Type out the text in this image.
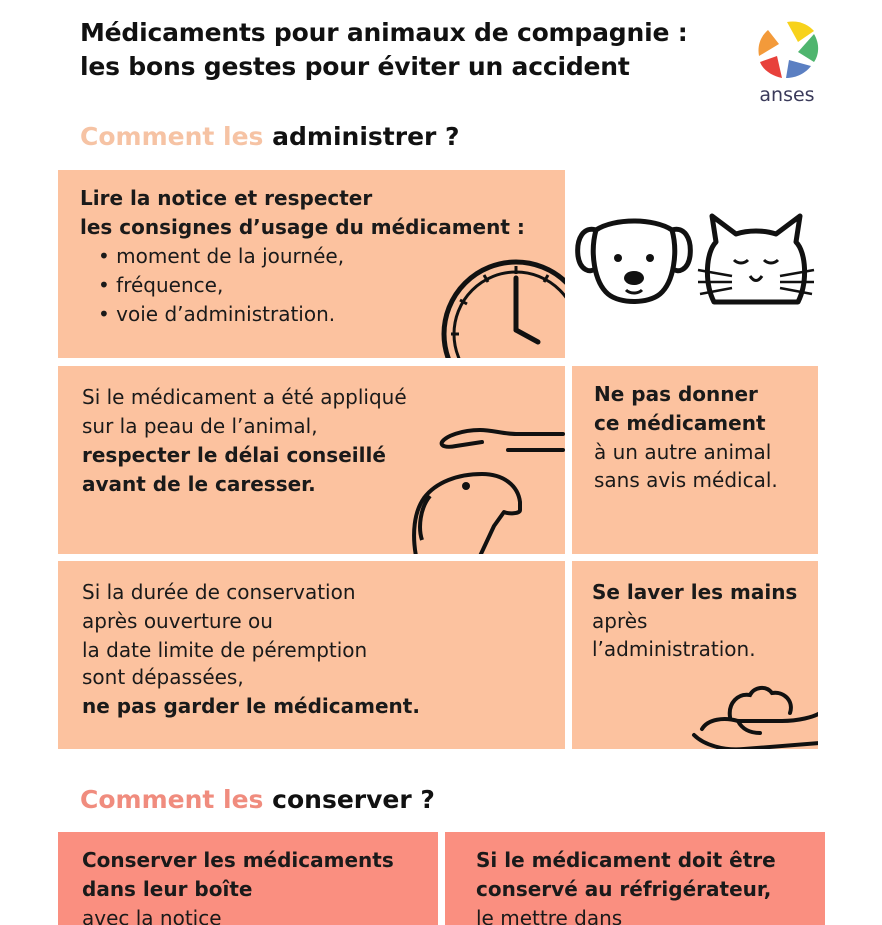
Médicaments pour animaux de compagnie :
les bons gestes pour éviter un accident
anses
Comment les administrer ?
Lire la notice et respecter
les consignes d’usage du médicament :
• moment de la journée,
• fréquence,
• voie d’administration.
Si le médicament a été appliqué
sur la peau de l’animal,
respecter le délai conseillé
avant de le caresser.
Ne pas donner
ce médicament
à un autre animal
sans avis médical.
Si la durée de conservation
après ouverture ou
la date limite de péremption
sont dépassées,
ne pas garder le médicament.
Se laver les mains
après
l’administration.
Comment les conserver ?
Conserver les médicaments
dans leur boîte
avec la notice
Si le médicament doit être
conservé au réfrigérateur,
le mettre dans
